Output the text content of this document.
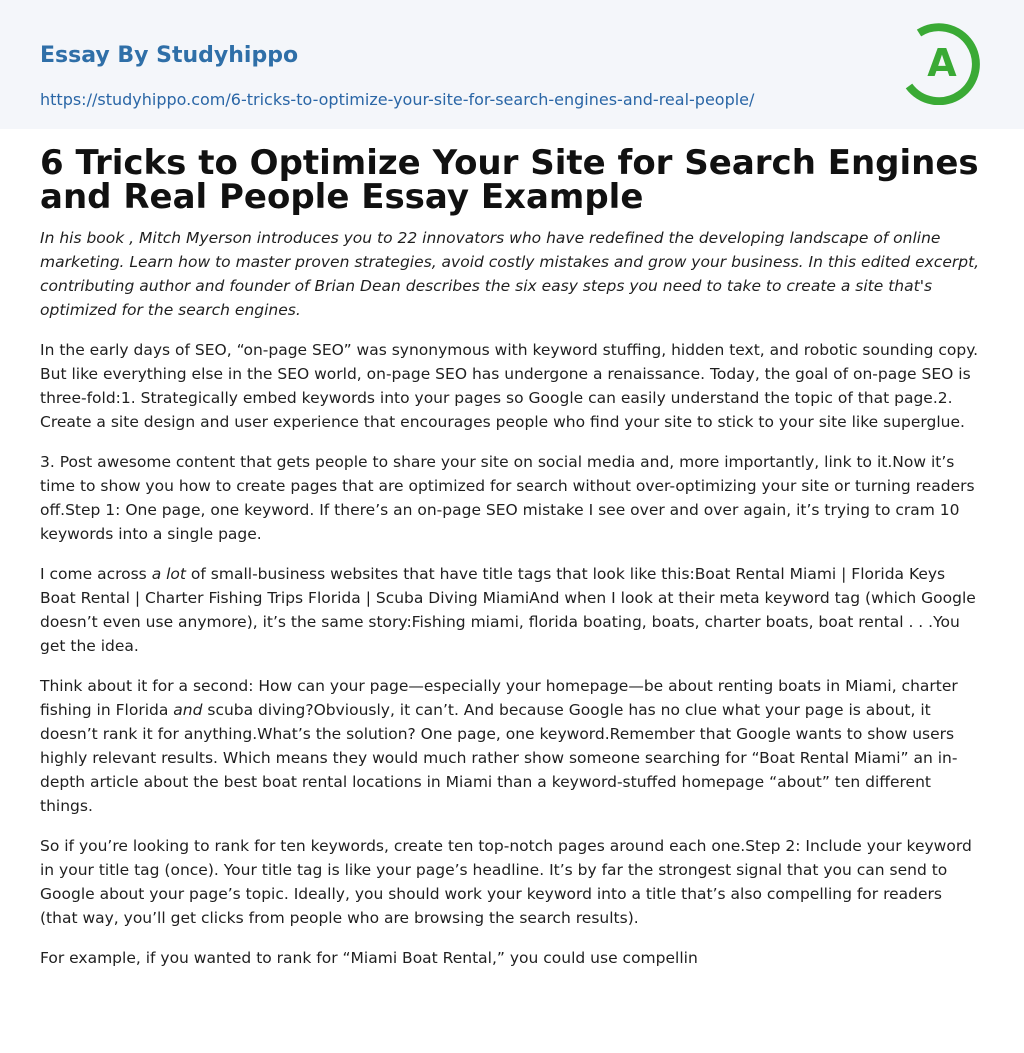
Essay By Studyhippo
https://studyhippo.com/6-tricks-to-optimize-your-site-for-search-engines-and-real-people/
A
6 Tricks to Optimize Your Site for Search Engines and Real People Essay Example

In his book , Mitch Myerson introduces you to 22 innovators who have redefined the developing landscape of online marketing. Learn how to master proven strategies, avoid costly mistakes and grow your business. In this edited excerpt, contributing author and founder of Brian Dean describes the six easy steps you need to take to create a site that's optimized for the search engines.

In the early days of SEO, “on-page SEO” was synonymous with keyword stuffing, hidden text, and robotic sounding copy. But like everything else in the SEO world, on-page SEO has undergone a renaissance. Today, the goal of on-page SEO is three-fold:1. Strategically embed keywords into your pages so Google can easily understand the topic of that page.2. Create a site design and user experience that encourages people who find your site to stick to your site like superglue.

3. Post awesome content that gets people to share your site on social media and, more importantly, link to it.Now it’s time to show you how to create pages that are optimized for search without over-optimizing your site or turning readers off.Step 1: One page, one keyword. If there’s an on-page SEO mistake I see over and over again, it’s trying to cram 10 keywords into a single page.

I come across a lot of small-business websites that have title tags that look like this:Boat Rental Miami | Florida Keys Boat Rental | Charter Fishing Trips Florida | Scuba Diving MiamiAnd when I look at their meta keyword tag (which Google doesn’t even use anymore), it’s the same story:Fishing miami, florida boating, boats, charter boats, boat rental . . .You get the idea.

Think about it for a second: How can your page—especially your homepage—be about renting boats in Miami, charter fishing in Florida and scuba diving?Obviously, it can’t. And because Google has no clue what your page is about, it doesn’t rank it for anything.What’s the solution? One page, one keyword.Remember that Google wants to show users highly relevant results. Which means they would much rather show someone searching for “Boat Rental Miami” an in-depth article about the best boat rental locations in Miami than a keyword-stuffed homepage “about” ten different things.

So if you’re looking to rank for ten keywords, create ten top-notch pages around each one.Step 2: Include your keyword in your title tag (once). Your title tag is like your page’s headline. It’s by far the strongest signal that you can send to Google about your page’s topic. Ideally, you should work your keyword into a title that’s also compelling for readers (that way, you’ll get clicks from people who are browsing the search results).

For example, if you wanted to rank for “Miami Boat Rental,” you could use compellin
